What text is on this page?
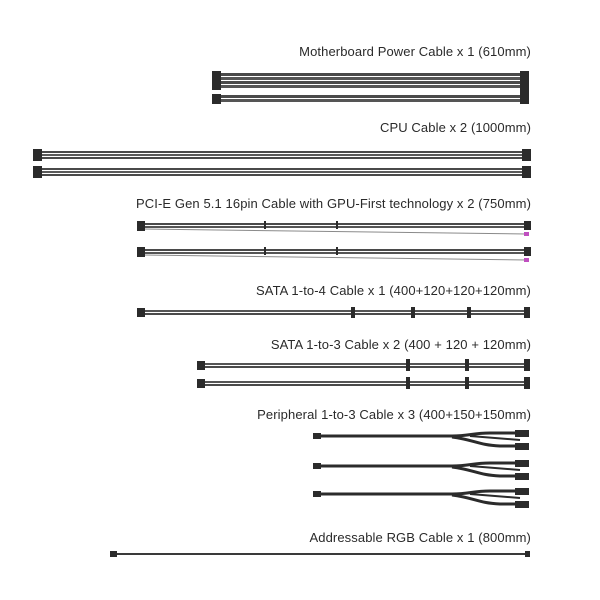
Motherboard Power Cable x 1 (610mm)
CPU Cable x 2 (1000mm)
PCI-E Gen 5.1 16pin Cable with GPU-First technology x 2 (750mm)
SATA 1-to-4 Cable x 1 (400+120+120+120mm)
SATA 1-to-3 Cable x 2 (400 + 120 + 120mm)
Peripheral 1-to-3 Cable x 3 (400+150+150mm)
Addressable RGB Cable x 1 (800mm)
